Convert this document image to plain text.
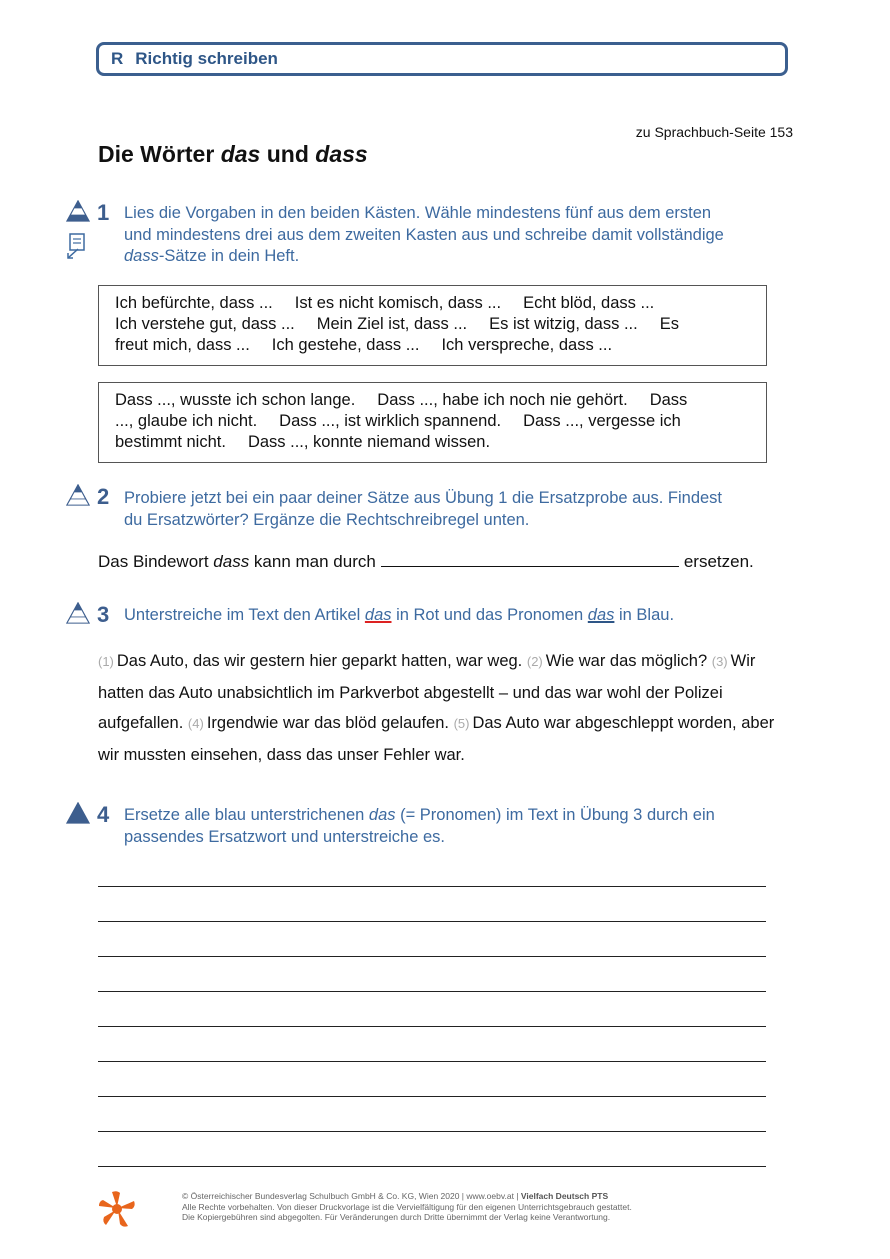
R Richtig schreiben
zu Sprachbuch-Seite 153
Die Wörter das und dass
1 Lies die Vorgaben in den beiden Kästen. Wähle mindestens fünf aus dem ersten
und mindestens drei aus dem zweiten Kasten aus und schreibe damit vollständige
dass-Sätze in dein Heft.
Ich befürchte, dass ... Ist es nicht komisch, dass ... Echt blöd, dass ...
Ich verstehe gut, dass ... Mein Ziel ist, dass ... Es ist witzig, dass ... Es
freut mich, dass ... Ich gestehe, dass ... Ich verspreche, dass ...
Dass ..., wusste ich schon lange. Dass ..., habe ich noch nie gehört. Dass
..., glaube ich nicht. Dass ..., ist wirklich spannend. Dass ..., vergesse ich
bestimmt nicht. Dass ..., konnte niemand wissen.
2 Probiere jetzt bei ein paar deiner Sätze aus Übung 1 die Ersatzprobe aus. Findest
du Ersatzwörter? Ergänze die Rechtschreibregel unten.
Das Bindewort dass kann man durch	ersetzen.
3 Unterstreiche im Text den Artikel das in Rot und das Pronomen das in Blau.
(1) Das Auto, das wir gestern hier geparkt hatten, war weg. (2) Wie war das möglich? (3) Wir hatten das Auto unabsichtlich im Parkverbot abgestellt – und das war wohl der Polizei aufgefallen. (4) Irgendwie war das blöd gelaufen. (5) Das Auto war abgeschleppt worden, aber wir mussten einsehen, dass das unser Fehler war.
4 Ersetze alle blau unterstrichenen das (= Pronomen) im Text in Übung 3 durch ein
passendes Ersatzwort und unterstreiche es.
© Österreichischer Bundesverlag Schulbuch GmbH & Co. KG, Wien 2020 | www.oebv.at | Vielfach Deutsch PTS
Alle Rechte vorbehalten. Von dieser Druckvorlage ist die Vervielfältigung für den eigenen Unterrichtsgebrauch gestattet.
Die Kopiergebühren sind abgegolten. Für Veränderungen durch Dritte übernimmt der Verlag keine Verantwortung.
